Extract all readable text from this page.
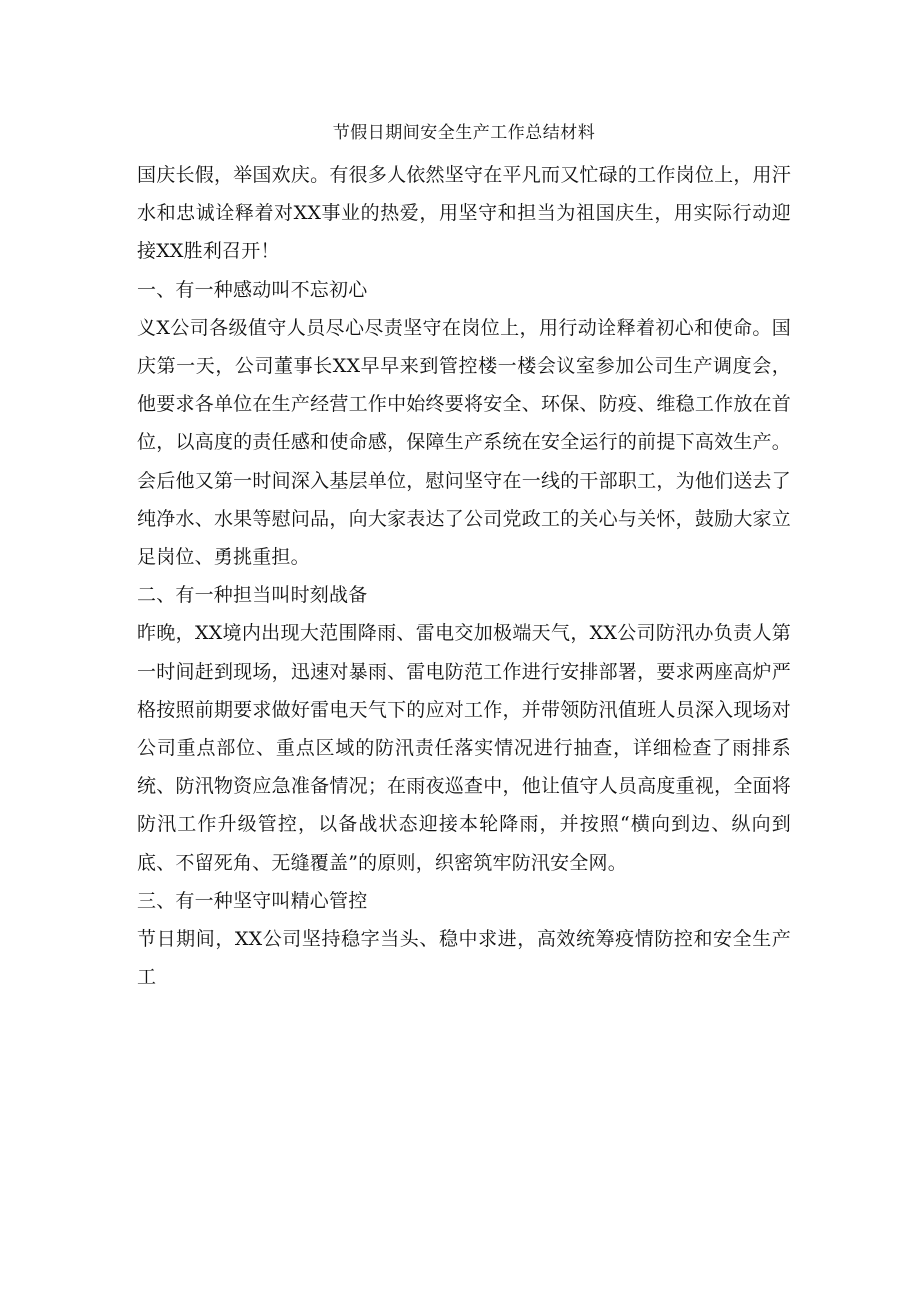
节假日期间安全生产工作总结材料

国庆长假，举国欢庆。有很多人依然坚守在平凡而又忙碌的工作岗位上，用汗水和忠诚诠释着对XX事业的热爱，用坚守和担当为祖国庆生，用实际行动迎接XX胜利召开！

一、有一种感动叫不忘初心

义X公司各级值守人员尽心尽责坚守在岗位上，用行动诠释着初心和使命。国庆第一天，公司董事长XX早早来到管控楼一楼会议室参加公司生产调度会，他要求各单位在生产经营工作中始终要将安全、环保、防疫、维稳工作放在首位，以高度的责任感和使命感，保障生产系统在安全运行的前提下高效生产。会后他又第一时间深入基层单位，慰问坚守在一线的干部职工，为他们送去了纯净水、水果等慰问品，向大家表达了公司党政工的关心与关怀，鼓励大家立足岗位、勇挑重担。

二、有一种担当叫时刻战备

昨晚，XX境内出现大范围降雨、雷电交加极端天气，XX公司防汛办负责人第一时间赶到现场，迅速对暴雨、雷电防范工作进行安排部署，要求两座高炉严格按照前期要求做好雷电天气下的应对工作，并带领防汛值班人员深入现场对公司重点部位、重点区域的防汛责任落实情况进行抽查，详细检查了雨排系统、防汛物资应急准备情况；在雨夜巡查中，他让值守人员高度重视，全面将防汛工作升级管控，以备战状态迎接本轮降雨，并按照“横向到边、纵向到底、不留死角、无缝覆盖”的原则，织密筑牢防汛安全网。

三、有一种坚守叫精心管控

节日期间，XX公司坚持稳字当头、稳中求进，高效统筹疫情防控和安全生产工
